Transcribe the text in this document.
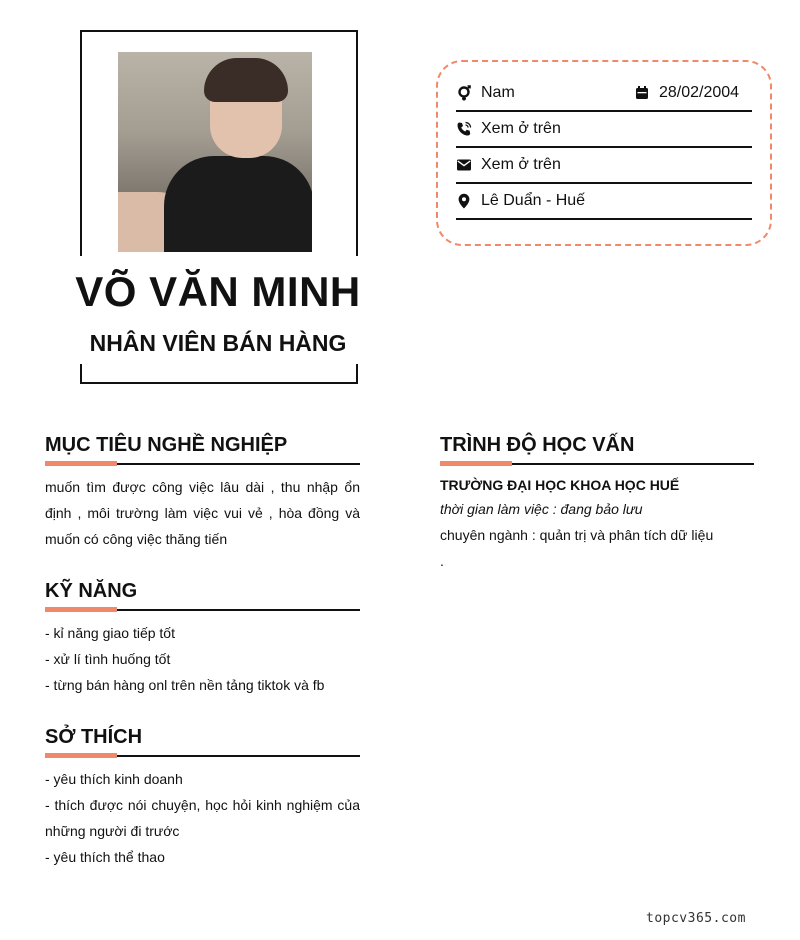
VÕ VĂN MINH
NHÂN VIÊN BÁN HÀNG
Nam	28/02/2004
Xem ở trên
Xem ở trên
Lê Duẩn - Huế
MỤC TIÊU NGHỀ NGHIỆP
muốn tìm được công việc lâu dài , thu nhập ổn định , môi trường làm việc vui vẻ , hòa đồng và muốn có công việc thăng tiến
KỸ NĂNG
- kỉ năng giao tiếp tốt
- xử lí tình huống tốt
- từng bán hàng onl trên nền tảng tiktok và fb
SỞ THÍCH
- yêu thích kinh doanh
- thích được nói chuyện, học hỏi kinh nghiệm của những người đi trước
- yêu thích thể thao
TRÌNH ĐỘ HỌC VẤN
TRƯỜNG ĐẠI HỌC KHOA HỌC HUẾ
thời gian làm việc : đang bảo lưu
chuyên ngành : quản trị và phân tích dữ liệu
.
topcv365.com
